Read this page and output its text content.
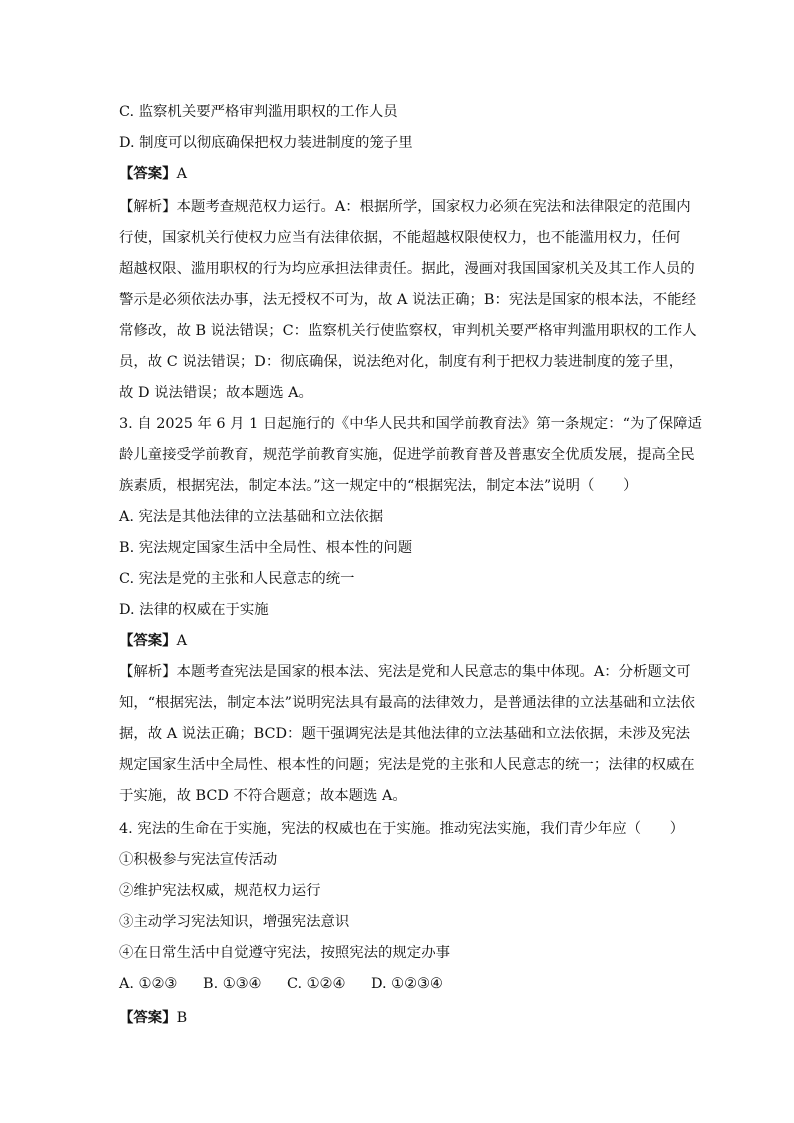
C. 监察机关要严格审判滥用职权的工作人员
D. 制度可以彻底确保把权力装进制度的笼子里
【答案】A
【解析】本题考查规范权力运行。A：根据所学，国家权力必须在宪法和法律限定的范围内
行使，国家机关行使权力应当有法律依据，不能超越权限使权力，也不能滥用权力，任何
超越权限、滥用职权的行为均应承担法律责任。据此，漫画对我国国家机关及其工作人员的
警示是必须依法办事，法无授权不可为，故 A 说法正确；B：宪法是国家的根本法，不能经
常修改，故 B 说法错误；C：监察机关行使监察权，审判机关要严格审判滥用职权的工作人
员，故 C 说法错误；D：彻底确保，说法绝对化，制度有利于把权力装进制度的笼子里，
故 D 说法错误；故本题选 A。
3. 自 2025 年 6 月 1 日起施行的《中华人民共和国学前教育法》第一条规定：“为了保障适
龄儿童接受学前教育，规范学前教育实施，促进学前教育普及普惠安全优质发展，提高全民
族素质，根据宪法，制定本法。”这一规定中的“根据宪法，制定本法”说明（　　）
A. 宪法是其他法律的立法基础和立法依据
B. 宪法规定国家生活中全局性、根本性的问题
C. 宪法是党的主张和人民意志的统一
D. 法律的权威在于实施
【答案】A
【解析】本题考查宪法是国家的根本法、宪法是党和人民意志的集中体现。A：分析题文可
知，“根据宪法，制定本法”说明宪法具有最高的法律效力，是普通法律的立法基础和立法依
据，故 A 说法正确；BCD：题干强调宪法是其他法律的立法基础和立法依据，未涉及宪法
规定国家生活中全局性、根本性的问题；宪法是党的主张和人民意志的统一；法律的权威在
于实施，故 BCD 不符合题意；故本题选 A。
4. 宪法的生命在于实施，宪法的权威也在于实施。推动宪法实施，我们青少年应（　　）
①积极参与宪法宣传活动
②维护宪法权威，规范权力运行
③主动学习宪法知识，增强宪法意识
④在日常生活中自觉遵守宪法，按照宪法的规定办事
A. ①②③ B. ①③④ C. ①②④ D. ①②③④
【答案】B
